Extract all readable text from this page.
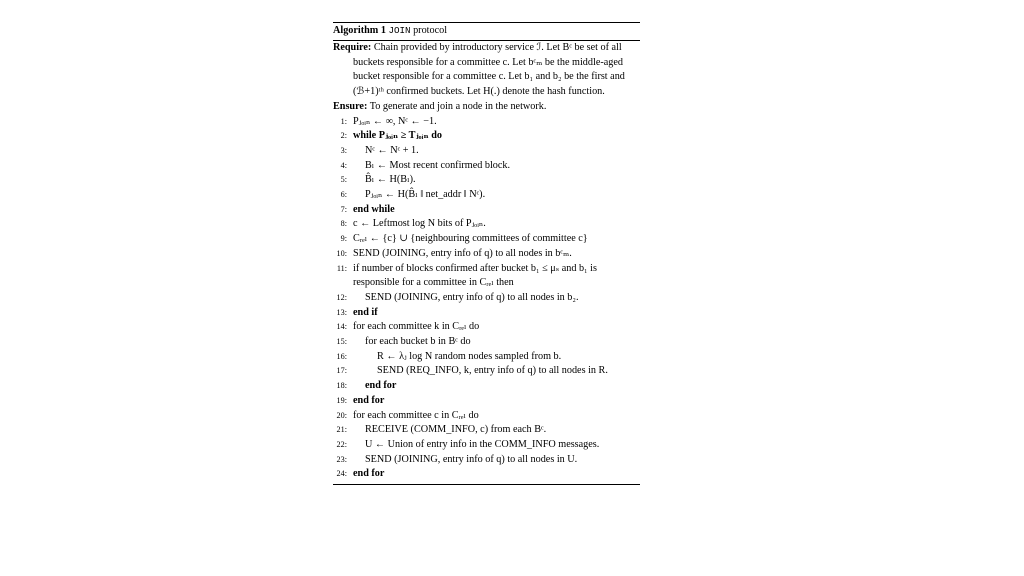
Algorithm 1 JOIN protocol

Require: Chain provided by introductory service ℐ. Let Bᶜ be set of all buckets responsible for a committee c. Let bᶜₘ be the middle-aged bucket responsible for a committee c. Let b₁ and b₂ be the first and (ℬ+1)ᵗʰ confirmed buckets. Let H(.) denote the hash function.

Ensure: To generate and join a node in the network.

1: Pⱼₒᵢₙ ← ∞, Nᶜ ← −1.
2: while Pⱼₒᵢₙ ≥ Tⱼₒᵢₙ do
3: Nᶜ ← Nᶜ + 1.
4: Bₗ ← Most recent confirmed block.
5: B̂ₗ ← H(Bₗ).
6: Pⱼₒᵢₙ ← H(B̂ₗ ‖ net_addr ‖ Nᶜ).
7: end while
8: c ← Leftmost log N bits of Pⱼₒᵢₙ.
9: Cᵣₑₗ ← {c} ∪ {neighbouring committees of committee c}
10: SEND (JOINING, entry info of q) to all nodes in bᶜₘ.
11: if number of blocks confirmed after bucket b₁ ≤ μₛ and b₁ is responsible for a committee in Cᵣₑₗ then
12: SEND (JOINING, entry info of q) to all nodes in b₂.
13: end if
14: for each committee k in Cᵣₑₗ do
15: for each bucket b in Bᶜ do
16:	R ← λⱼ log N random nodes sampled from b.
17:	SEND (REQ_INFO, k, entry info of q) to all nodes in R.
18: end for
19: end for
20: for each committee c in Cᵣₑₗ do
21: RECEIVE (COMM_INFO, c) from each Bᶜ.
22: U ← Union of entry info in the COMM_INFO messages.
23: SEND (JOINING, entry info of q) to all nodes in U.
24: end for
